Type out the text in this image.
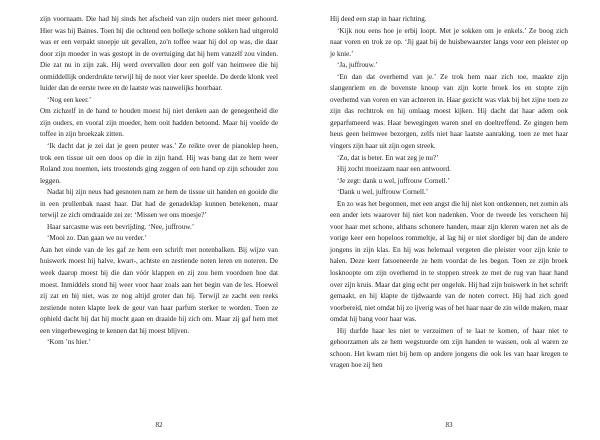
zijn voornaam. Die had hij sinds het afscheid van zijn ouders niet meer gehoord. Hier was hij Baines. Toen hij die ochtend een bolletje schone sokken had uitgerold was er een verpakt snoepje uit gevallen, zo'n toffee waar hij dol op was, die daar door zijn moeder in was gestopt in de overtuiging dat hij hem vanzelf zou vinden. Die zat nu in zijn zak. Hij werd overvallen door een golf van heimwee die hij onmiddellijk onderdrukte terwijl hij de noot vier keer speelde. De derde klonk veel luider dan de eerste twee en de laatste was nauwelijks hoorbaar.

‘Nog een keer.’

Om zichzelf in de hand te houden moest hij niet denken aan de genegenheid die zijn ouders, en vooral zijn moeder, hem ooit hadden betoond. Maar hij voelde de toffee in zijn broekzak zitten.

‘Ik dacht dat je zei dat je geen peuter was.’ Ze reikte over de pianoklep heen, trok een tissue uit een doos op die in zijn hand. Hij was bang dat ze hem weer Roland zou noemen, iets troostends ging zeggen of een hand op zijn schouder zou leggen.

Nadat hij zijn neus had gesnoten nam ze hem de tissue uit handen en gooide die in een prullenbak naast haar. Dat had de genadeklap kunnen betekenen, maar terwijl ze zich omdraaide zei ze: ‘Missen we ons moesje?’

Haar sarcasme was een bevrijding. ‘Nee, juffrouw.’

‘Mooi zo. Dan gaan we nu verder.’

Aan het einde van de les gaf ze hem een schrift met notenbalken. Bij wijze van huiswerk moest hij halve, kwart-, achtste en zestiende noten leren en noteren. De week daarop moest hij die dan vóór klappen en zij zou hem voordoen hoe dat moest. Inmiddels stond hij weer voor haar zoals aan het begin van de les. Hoewel zij zat en hij niet, was ze nog altijd groter dan hij. Terwijl ze zacht een reeks zestiende noten klapte leek de geur van haar parfum sterker te worden. Toen ze ophield dacht hij dat hij mocht gaan en draaide hij zich om. Maar zij gaf hem met een vingerbeweging te kennen dat hij moest blijven.

‘Kom ’ns hier.’

82

Hij deed een stap in haar richting.

‘Kijk nou eens hoe je erbij loopt. Met je sokken om je enkels.’ Ze boog zich naar voren en trok ze op. ‘Jij gaat bij de huisbewaarster langs voor een pleister op je knie.’

‘Ja, juffrouw.’

‘En dan dat overhemd van je.’ Ze trok hem naar zich toe, maakte zijn slangenriem en de bovenste knoop van zijn korte broek los en stopte zijn overhemd van voren en van achteren in. Haar gezicht was vlak bij het zijne toen ze zijn das rechttrok en hij omlaag moest kijken. Hij dacht dat haar adem ook geparfumeerd was. Haar bewegingen waren snel en doeltreffend. Ze gingen hem heus geen heimwee bezorgen, zelfs niet haar laatste aanraking, toen ze met haar vingers zijn haar uit zijn ogen streek.

‘Zo, dat is beter. En wat zeg je nu?’

Hij zocht moeizaam naar een antwoord.

‘Je zegt: dank u wel, juffrouw Cornell.’

‘Dank u wel, juffrouw Cornell.’

En zo was het begonnen, met een angst die hij niet kon ontkennen, net zomin als een ander iets waarover hij niet kon nadenken. Voor de tweede les verscheen hij voor haar met schone, althans schonere handen, maar zijn kleren waren net als de vorige keer een hopeloos rommeltje, al lag hij er niet slordiger bij dan de andere jongens in zijn klas. En hij was helemaal vergeten die pleister voor zijn knie te halen. Deze keer fatsoeneerde ze hem voordat de les begon. Toen ze zijn broek losknoopte om zijn overhemd in te stoppen streek ze met de rug van haar hand over zijn kruis. Maar dat ging echt per ongeluk. Hij had zijn huiswerk in het schrift gemaakt, en hij klapte de tijdwaarde van de noten correct. Hij had zich goed voorbereid, niet omdat hij zo ijverig was of het haar naar de zin wilde maken, maar omdat hij bang voor haar was.

Hij durfde haar les niet te verzuimen of te laat te komen, of haar niet te gehoorzamen als ze hem wegstuurde om zijn handen te wassen, ook al waren ze schoon. Het kwam niet bij hem op andere jongens die ook les van haar kregen te vragen hoe zij hen

83
